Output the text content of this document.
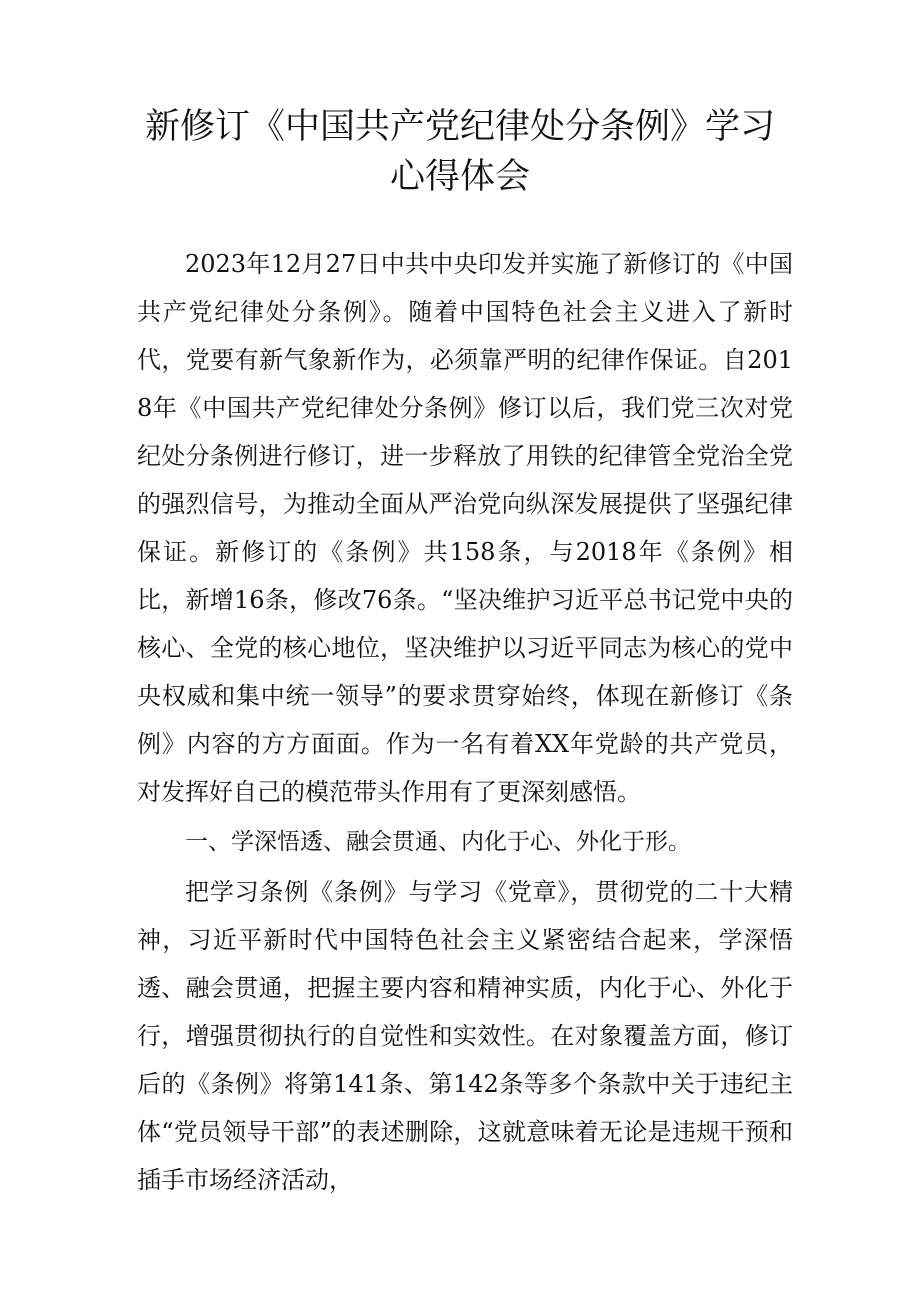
新修订《中国共产党纪律处分条例》学习
心得体会

2023年12月27日中共中央印发并实施了新修订的《中国共产党纪律处分条例》。随着中国特色社会主义进入了新时代，党要有新气象新作为，必须靠严明的纪律作保证。自2018年《中国共产党纪律处分条例》修订以后，我们党三次对党纪处分条例进行修订，进一步释放了用铁的纪律管全党治全党的强烈信号，为推动全面从严治党向纵深发展提供了坚强纪律保证。新修订的《条例》共158条，与2018年《条例》相比，新增16条，修改76条。“坚决维护习近平总书记党中央的核心、全党的核心地位，坚决维护以习近平同志为核心的党中央权威和集中统一领导”的要求贯穿始终，体现在新修订《条例》内容的方方面面。作为一名有着XX年党龄的共产党员，对发挥好自己的模范带头作用有了更深刻感悟。

一、学深悟透、融会贯通、内化于心、外化于形。

把学习条例《条例》与学习《党章》，贯彻党的二十大精神，习近平新时代中国特色社会主义紧密结合起来，学深悟透、融会贯通，把握主要内容和精神实质，内化于心、外化于行，增强贯彻执行的自觉性和实效性。在对象覆盖方面，修订后的《条例》将第141条、第142条等多个条款中关于违纪主体“党员领导干部”的表述删除，这就意味着无论是违规干预和插手市场经济活动，
